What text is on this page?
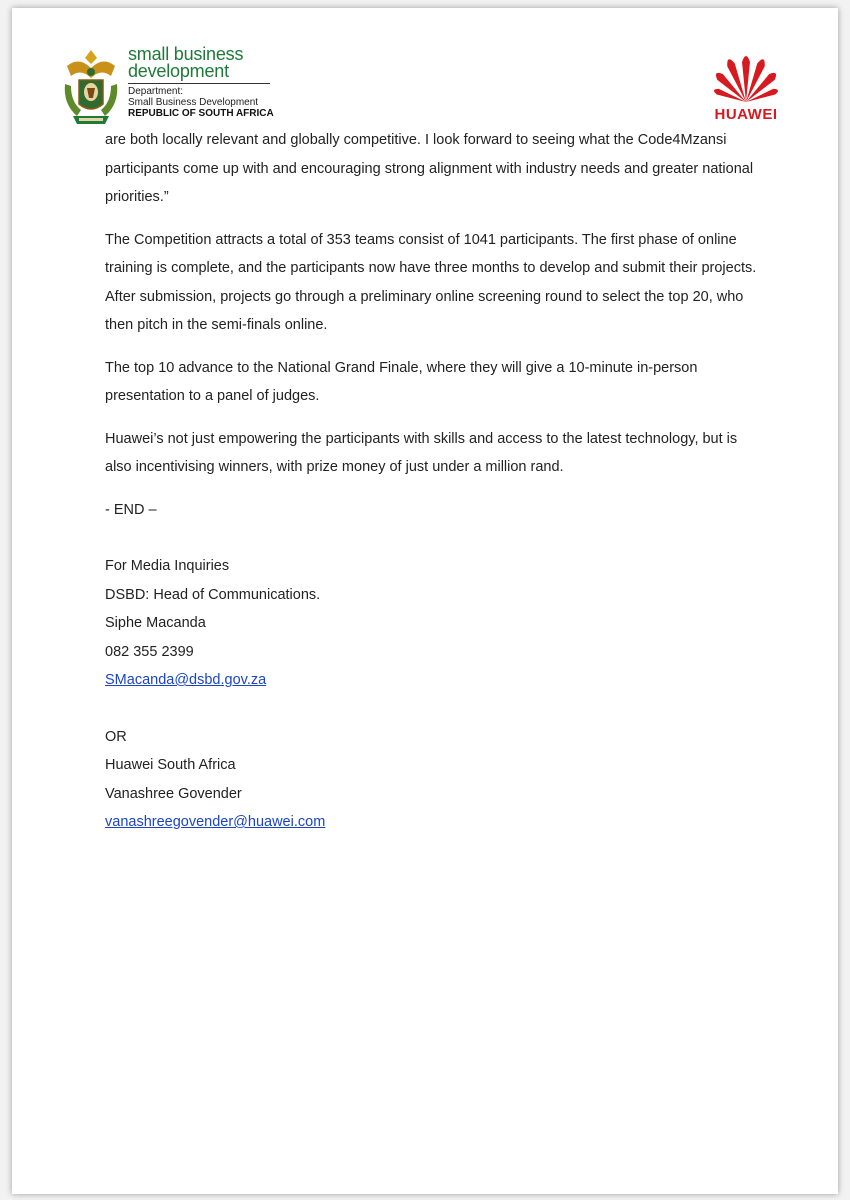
small business
development
Department:
Small Business Development
REPUBLIC OF SOUTH AFRICA	HUAWEI

are both locally relevant and globally competitive. I look forward to seeing what the Code4Mzansi participants come up with and encouraging strong alignment with industry needs and greater national priorities.”

The Competition attracts a total of 353 teams consist of 1041 participants. The first phase of online training is complete, and the participants now have three months to develop and submit their projects. After submission, projects go through a preliminary online screening round to select the top 20, who then pitch in the semi-finals online.

The top 10 advance to the National Grand Finale, where they will give a 10-minute in-person presentation to a panel of judges.

Huawei’s not just empowering the participants with skills and access to the latest technology, but is also incentivising winners, with prize money of just under a million rand.

- END –
For Media Inquiries
DSBD: Head of Communications.
Siphe Macanda
082 355 2399
SMacanda@dsbd.gov.za
OR
Huawei South Africa
Vanashree Govender
vanashreegovender@huawei.com
